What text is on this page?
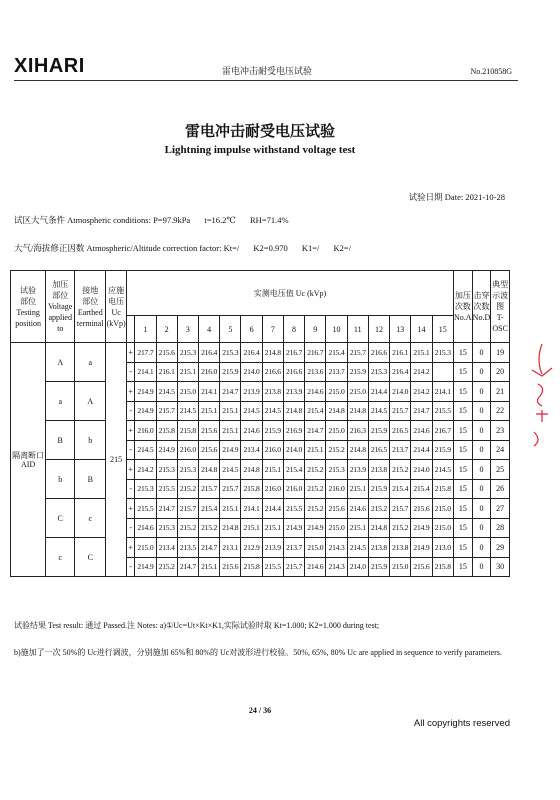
XIHARI	雷电冲击耐受电压试验	No.210858G
雷电冲击耐受电压试验
Lightning impulse withstand voltage test
试验日期 Date: 2021-10-28
试区大气条件 Atmospheric conditions: P=97.9kPa t=16.2℃ RH=71.4%
大气/海拔修正因数 Atmospheric/Altitude correction factor: Kt=/ K2=0.970 K1=/ K2=/
试验
部位
Testing
position	加压
部位
Voltage
applied
to	接地
部位
Earthed
terminal	应施
电压
Uc
(kVp)	实测电压值 Uc (kVp)																加压
次数
No.A	击穿
次数
No.D	典型
示波
图
T-OSC
					1	2	3	4	5	6	7	8	9	10	11	12	13	14	15			
隔离断口 AID	A	a	215	+	217.7	215.6	215.3	216.4	215.3	216.4	214.8	216.7	216.7	215.4	215.7	216.6	216.1	215.1	215.3	15	0	19
				-	214.1	216.1	215.1	216.0	215.9	214.0	216.6	216.6	213.6	213.7	215.9	215.3	216.4	214.2		15	0	20
	a	A		+	214.9	214.5	215.0	214.1	214.7	213.9	213.8	213.9	214.6	215.0	215.0	214.4	214.0	214.2	214.1	15	0	21
				-	214.9	215.7	214.5	215.1	215.1	214.5	214.5	214.8	215.4	214.8	214.8	214.5	215.7	214.7	215.5	15	0	22
	B	b		+	216.0	215.8	215.8	215.6	215.1	214.6	215.9	216.9	214.7	215.0	216.3	215.9	216.5	214.6	216.7	15	0	23
				-	214.5	214.9	216.0	215.6	214.9	213.4	216.0	214.0	215.1	215.2	214.8	216.5	213.7	214.4	215.9	15	0	24
	b	B		+	214.2	215.3	215.3	214.8	214.5	214.8	215.1	215.4	215.2	215.3	213.9	213.8	215.2	214.0	214.5	15	0	25
				-	215.3	215.5	215.2	215.7	215.7	215.8	216.0	216.0	215.2	216.0	215.1	215.9	215.4	215.4	215.8	15	0	26
	C	c		+	215.5	214.7	215.7	215.4	215.1	214.1	214.4	215.5	215.2	215.6	214.6	215.2	215.7	215.6	215.0	15	0	27
				-	214.6	215.3	215.2	215.2	214.8	215.1	215.1	214.9	214.9	215.0	215.1	214.8	215.2	214.9	215.0	15	0	28
	c	C		+	215.0	213.4	213.5	214.7	213.1	212.9	213.9	213.7	215.0	214.3	214.5	213.8	213.8	214.9	213.0	15	0	29
				-	214.9	215.2	214.7	215.1	215.6	215.8	215.5	215.7	214.6	214.3	214.0	215.9	215.0	215.6	215.8	15	0	30
试验结果 Test result: 通过 Passed.注 Notes: a)①Uc=Ut×Kt×K1,实际试验时取 Kt=1.000; K2=1.000 during test;
b)施加了一次 50%的 Uc进行调波，分别施加 65%和 80%的 Uc对波形进行校验。50%, 65%, 80% Uc are applied in sequence to verify parameters.
24 / 36
All copyrights reserved
